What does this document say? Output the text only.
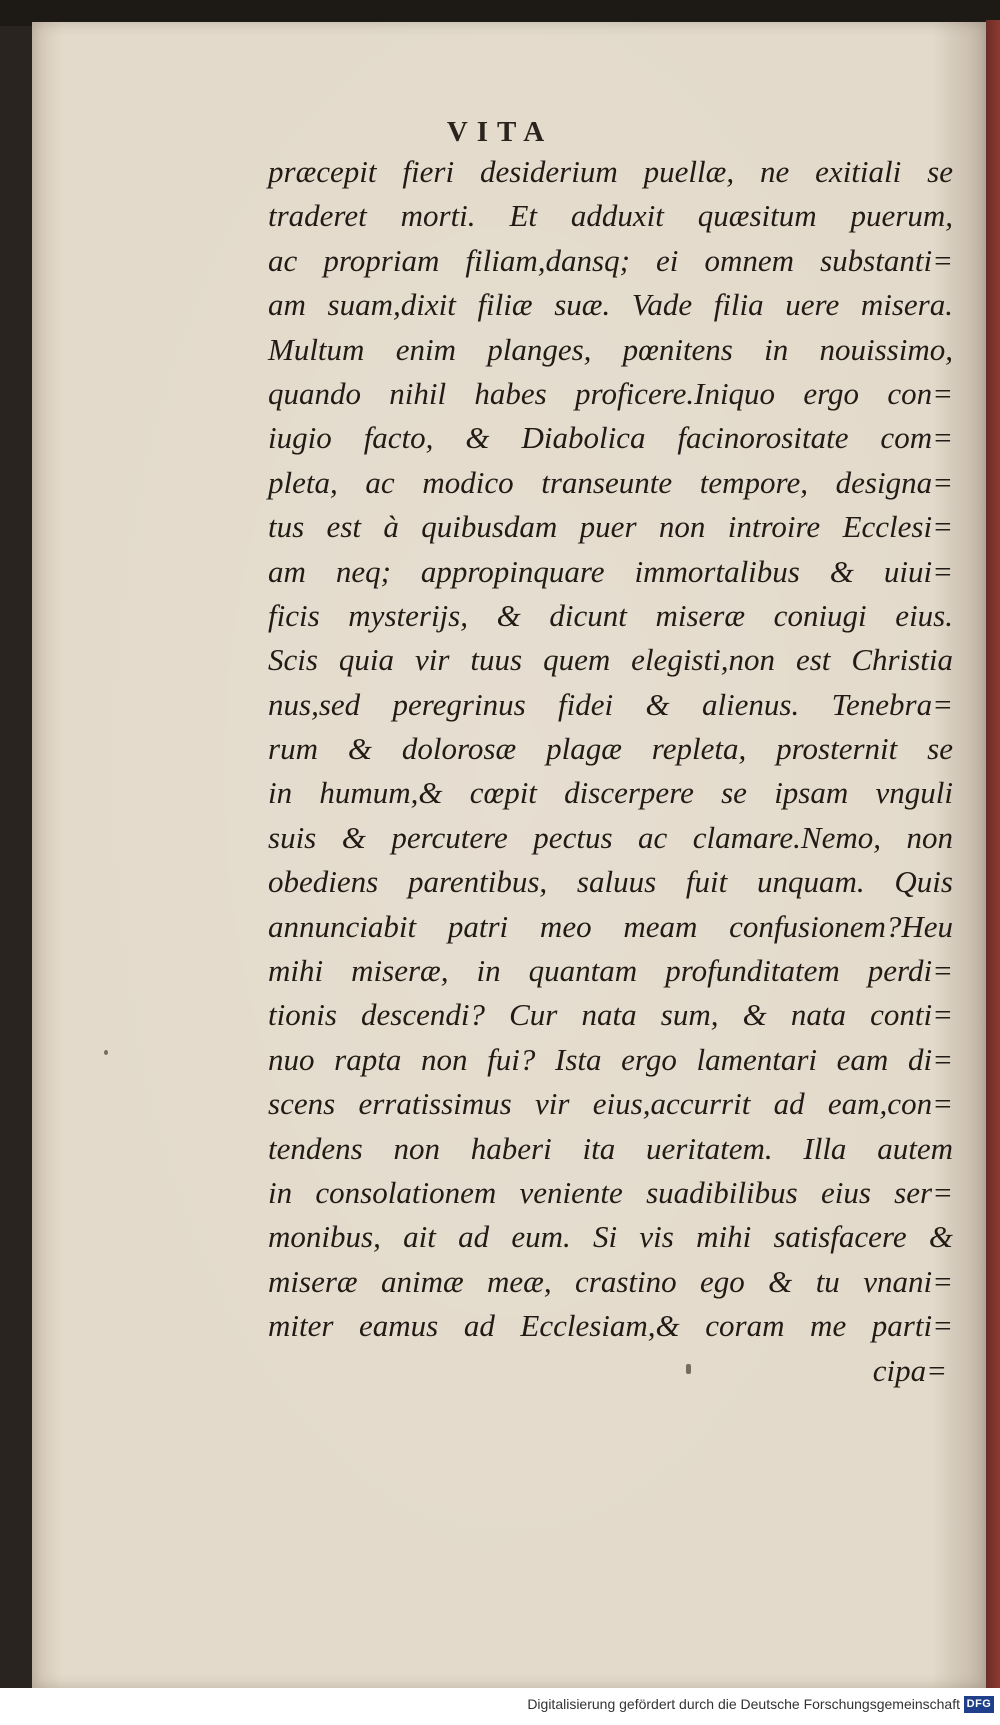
VITA
præcepit fieri desiderium puellæ, ne exitiali se
traderet morti. Et adduxit quæsitum puerum,
ac propriam filiam,dansq; ei omnem substanti=
am suam,dixit filiæ suæ. Vade filia uere misera.
Multum enim planges, pœnitens in nouissimo,
quando nihil habes proficere.Iniquo ergo con=
iugio facto, & Diabolica facinorositate com=
pleta, ac modico transeunte tempore, designa=
tus est à quibusdam puer non introire Ecclesi=
am neq; appropinquare immortalibus & uiui=
ficis mysterijs, & dicunt miseræ coniugi eius.
Scis quia vir tuus quem elegisti,non est Christia
nus,sed peregrinus fidei & alienus. Tenebra=
rum & dolorosæ plagæ repleta, prosternit se
in humum,& cœpit discerpere se ipsam vnguli
suis & percutere pectus ac clamare.Nemo, non
obediens parentibus, saluus fuit unquam. Quis
annunciabit patri meo meam confusionem?Heu
mihi miseræ, in quantam profunditatem perdi=
tionis descendi? Cur nata sum, & nata conti=
nuo rapta non fui? Ista ergo lamentari eam di=
scens erratissimus vir eius,accurrit ad eam,con=
tendens non haberi ita ueritatem. Illa autem
in consolationem veniente suadibilibus eius ser=
monibus, ait ad eum. Si vis mihi satisfacere &
miseræ animæ meæ, crastino ego & tu vnani=
miter eamus ad Ecclesiam,& coram me parti=
cipa=
Digitalisierung gefördert durch die Deutsche Forschungsgemeinschaft DFG
